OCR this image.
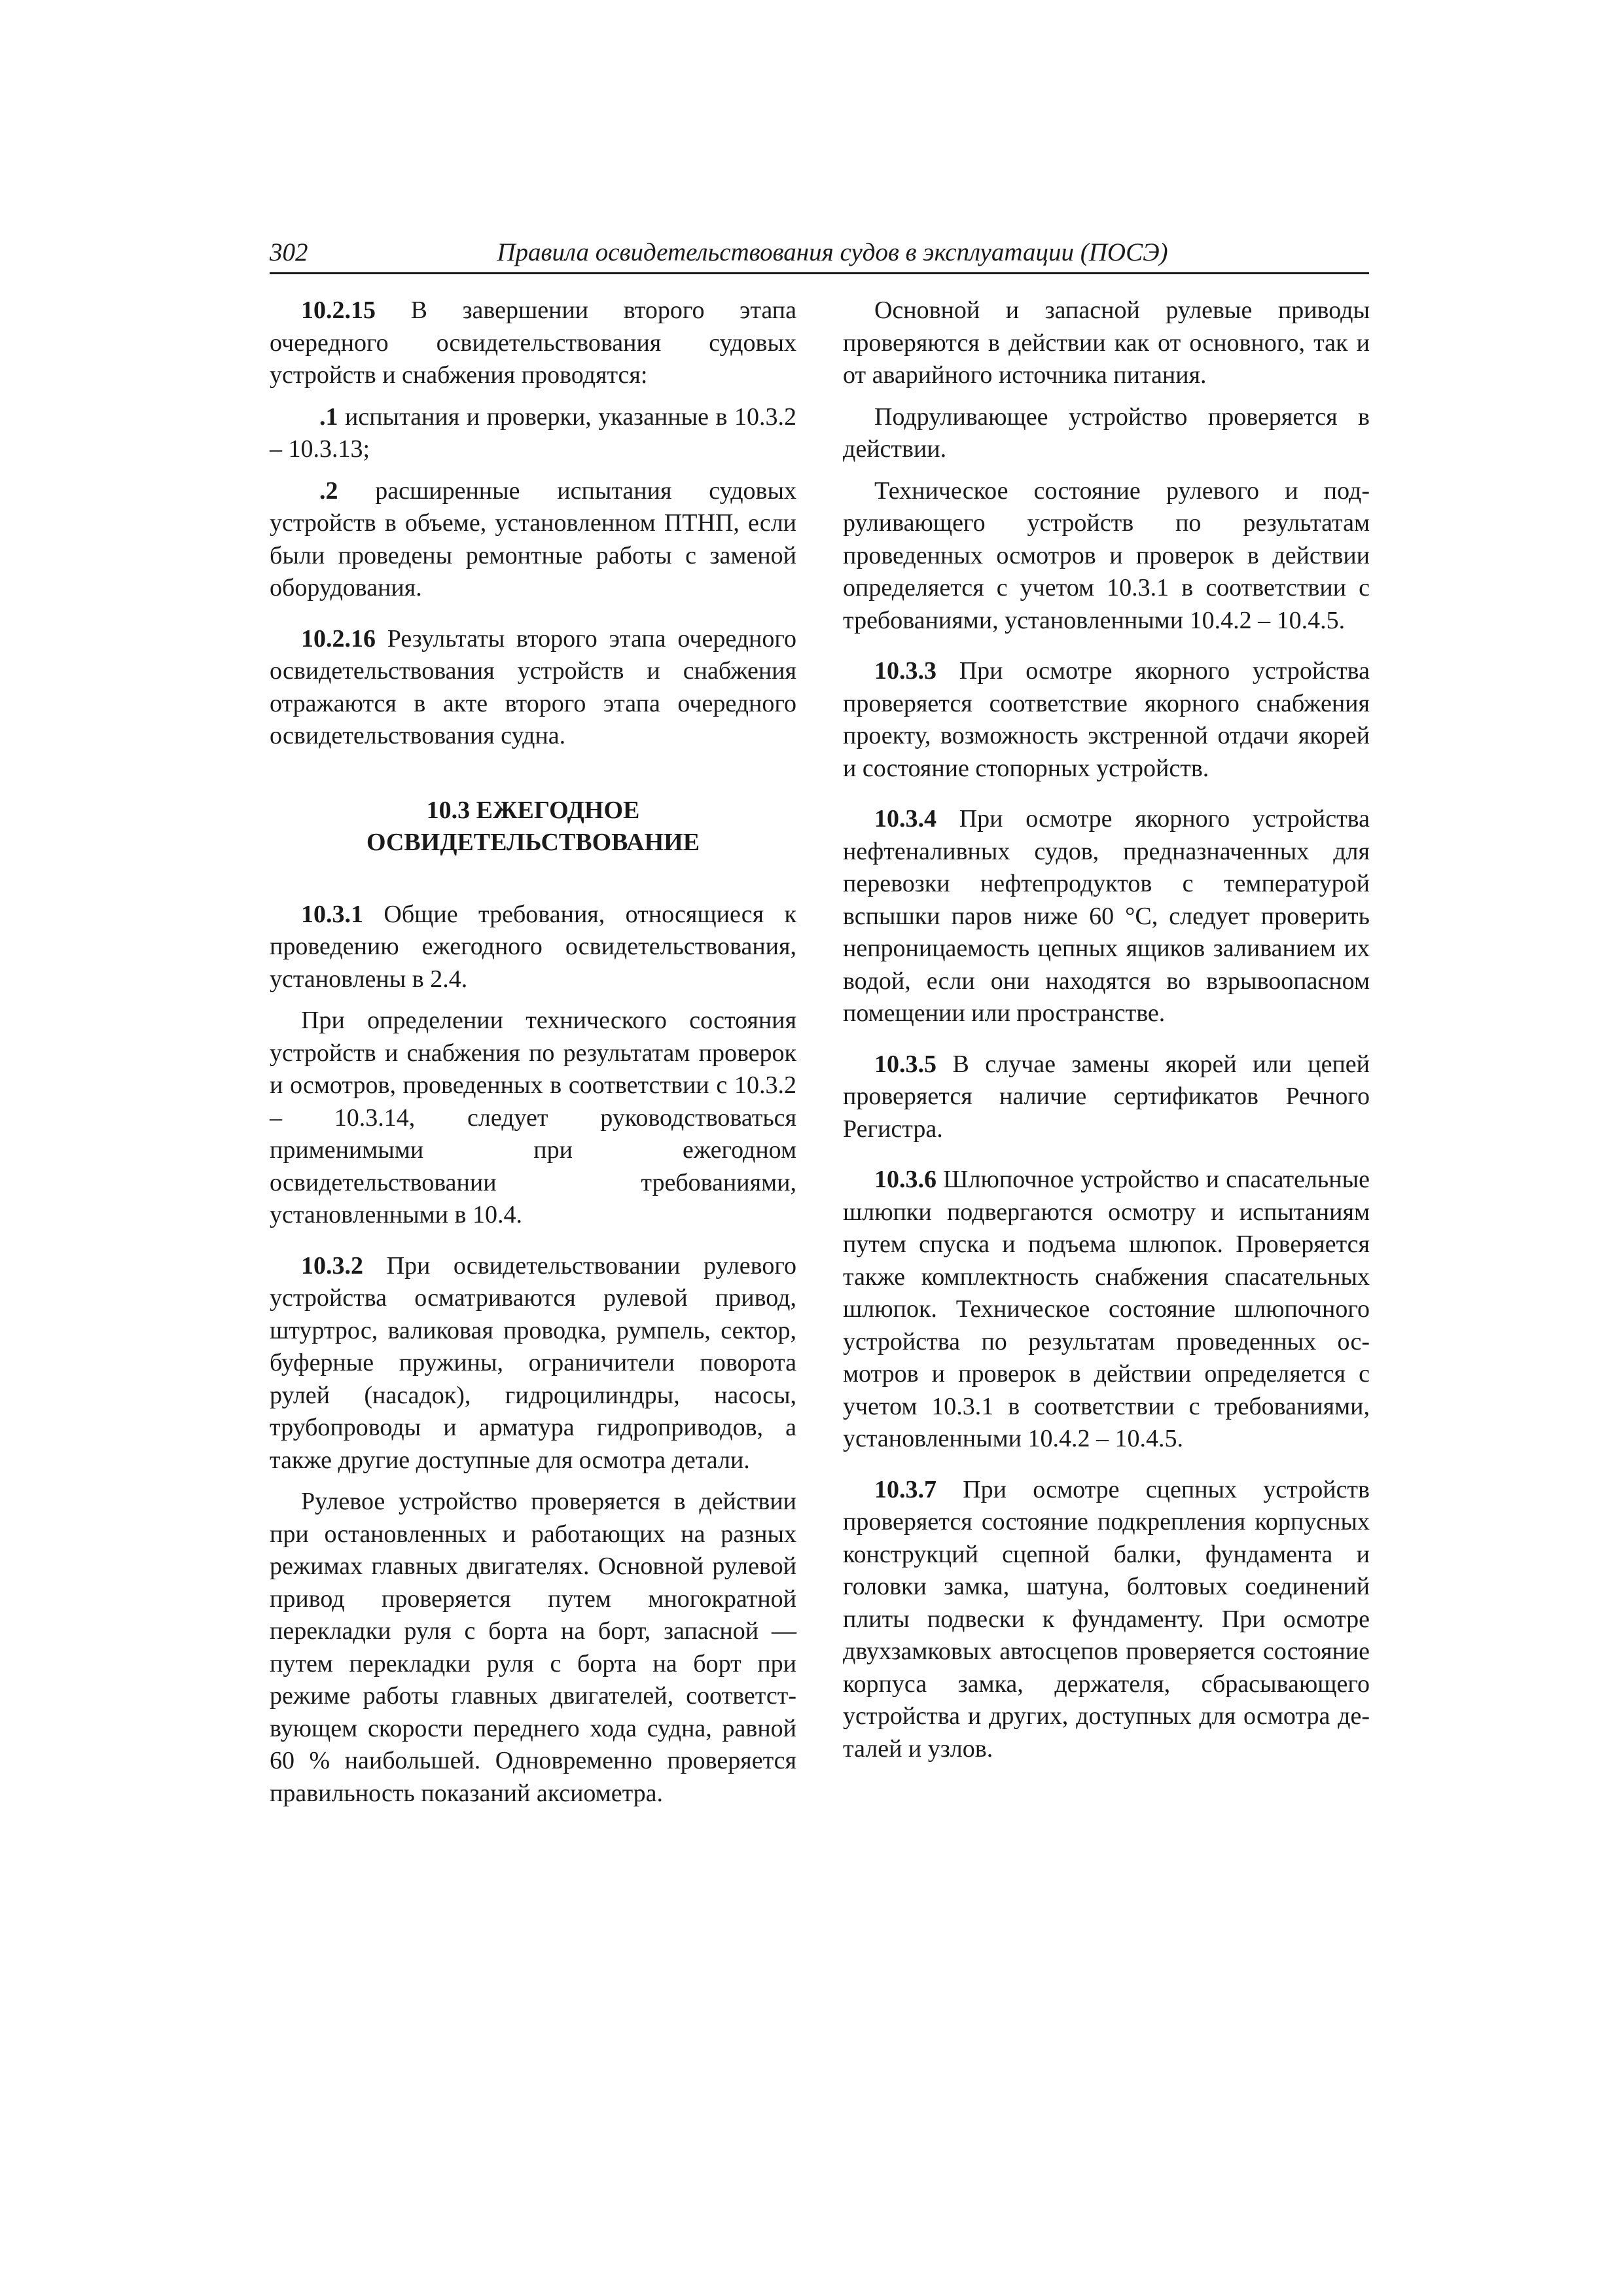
302	Правила освидетельствования судов в эксплуатации (ПОСЭ)

10.2.15 В завершении второго этапа очередного освидетельствования судовых устройств и снабжения проводятся:

.1 испытания и проверки, указанные в 10.3.2 – 10.3.13;

.2 расширенные испытания судовых устройств в объеме, установленном ПТНП, если были проведены ремонтные работы с заменой оборудования.

10.2.16 Результаты второго этапа очередного освидетельствования устройств и снабжения отражаются в акте второго этапа очередного освидетельствования судна.

10.3 ЕЖЕГОДНОЕ
ОСВИДЕТЕЛЬСТВОВАНИЕ

10.3.1 Общие требования, относящиеся к проведению ежегодного освидетельствования, установлены в 2.4.

При определении технического состояния устройств и снабжения по результатам проверок и осмотров, проведенных в соответствии с 10.3.2 – 10.3.14, следует руководствоваться применимыми при ежегодном освидетельствовании требованиями, установленными в 10.4.

10.3.2 При освидетельствовании рулевого устройства осматриваются рулевой привод, штуртрос, валиковая проводка, румпель, сектор, буферные пружины, ограничители поворота рулей (насадок), гидроцилиндры, насосы, трубопроводы и арматура гидроприводов, а также другие доступные для осмотра детали.

Рулевое устройство проверяется в действии при остановленных и работающих на разных режимах главных двигателях. Основной рулевой привод проверяется путем многократной перекладки руля с борта на борт, запасной — путем перекладки руля с борта на борт при режиме работы главных двигателей, соответствующем скорости переднего хода судна, равной 60 % наибольшей. Одновременно проверяется правильность показаний аксиометра.

Основной и запасной рулевые приводы проверяются в действии как от основного, так и от аварийного источника питания.

Подруливающее устройство проверяется в действии.

Техническое состояние рулевого и подруливающего устройств по результатам проведенных осмотров и проверок в действии определяется с учетом 10.3.1 в соответствии с требованиями, установленными 10.4.2 – 10.4.5.

10.3.3 При осмотре якорного устройства проверяется соответствие якорного снабжения проекту, возможность экстренной отдачи якорей и состояние стопорных устройств.

10.3.4 При осмотре якорного устройства нефтеналивных судов, предназначенных для перевозки нефтепродуктов с температурой вспышки паров ниже 60 °С, следует проверить непроницаемость цепных ящиков заливанием их водой, если они находятся во взрывоопасном помещении или пространстве.

10.3.5 В случае замены якорей или цепей проверяется наличие сертификатов Речного Регистра.

10.3.6 Шлюпочное устройство и спасательные шлюпки подвергаются осмотру и испытаниям путем спуска и подъема шлюпок. Проверяется также комплектность снабжения спасательных шлюпок. Техническое состояние шлюпочного устройства по результатам проведенных осмотров и проверок в действии определяется с учетом 10.3.1 в соответствии с требованиями, установленными 10.4.2 – 10.4.5.

10.3.7 При осмотре сцепных устройств проверяется состояние подкрепления корпусных конструкций сцепной балки, фундамента и головки замка, шатуна, болтовых соединений плиты подвески к фундаменту. При осмотре двухзамковых автосцепов проверяется состояние корпуса замка, держателя, сбрасывающего устройства и других, доступных для осмотра деталей и узлов.
